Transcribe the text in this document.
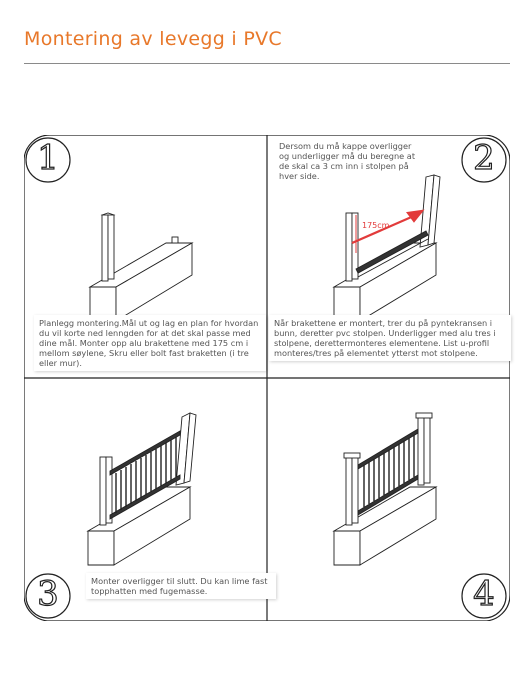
Montering av levegg i PVC
1	2
3	4
175cm
Planlegg montering.Mål ut og lag en plan for hvordan du vil korte ned lenngden for at det skal passe med dine mål. Monter opp alu brakettene med 175 cm i mellom søylene, Skru eller bolt fast braketten (i tre eller mur).
Dersom du må kappe overligger og underligger må du beregne at de skal ca 3 cm inn i stolpen på hver side.
Når brakettene er montert, trer du på pyntekransen i bunn, deretter pvc stolpen. Underligger med alu tres i stolpene, derettermonteres elementene. List u-profil monteres/tres på elementet ytterst mot stolpene.
Monter overligger til slutt. Du kan lime fast topphatten med fugemasse.
